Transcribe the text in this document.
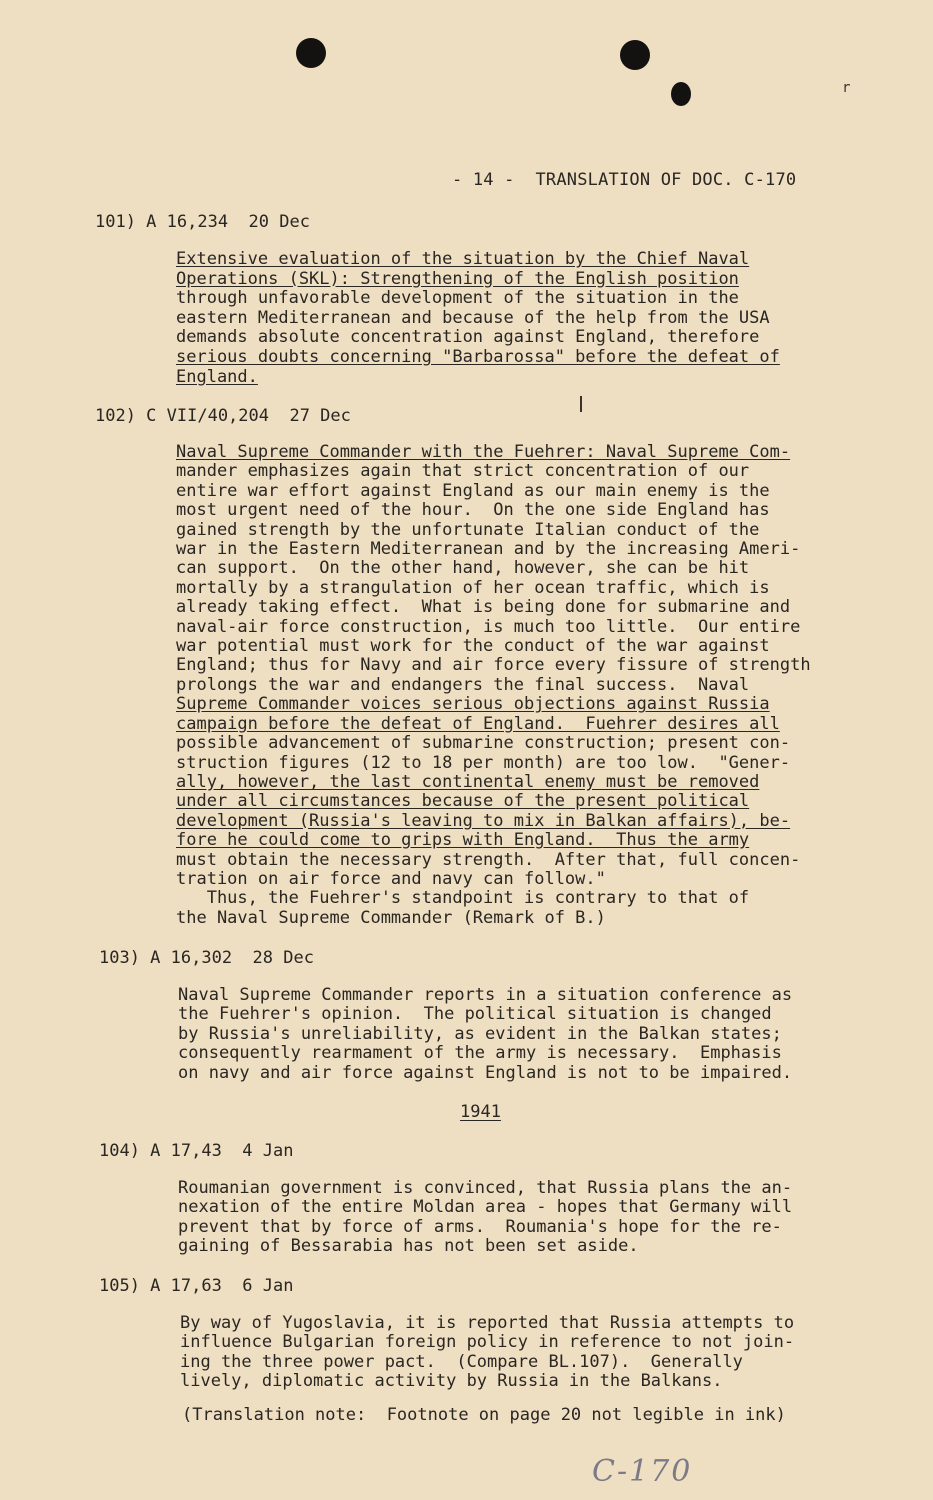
r
- 14 -  TRANSLATION OF DOC. C-170
101) A 16,234  20 Dec

Extensive evaluation of the situation by the Chief Naval

Operations (SKL): Strengthening of the English position

through unfavorable development of the situation in the

eastern Mediterranean and because of the help from the USA

demands absolute concentration against England, therefore

serious doubts concerning "Barbarossa" before the defeat of

England.

102) C VII/40,204  27 Dec

Naval Supreme Commander with the Fuehrer: Naval Supreme Com-

mander emphasizes again that strict concentration of our

entire war effort against England as our main enemy is the

most urgent need of the hour.  On the one side England has

gained strength by the unfortunate Italian conduct of the

war in the Eastern Mediterranean and by the increasing Ameri-

can support.  On the other hand, however, she can be hit

mortally by a strangulation of her ocean traffic, which is

already taking effect.  What is being done for submarine and

naval-air force construction, is much too little.  Our entire

war potential must work for the conduct of the war against

England; thus for Navy and air force every fissure of strength

prolongs the war and endangers the final success.  Naval

Supreme Commander voices serious objections against Russia

campaign before the defeat of England.  Fuehrer desires all

possible advancement of submarine construction; present con-

struction figures (12 to 18 per month) are too low.  "Gener-

ally, however, the last continental enemy must be removed

under all circumstances because of the present political

development (Russia's leaving to mix in Balkan affairs), be-

fore he could come to grips with England.  Thus the army

must obtain the necessary strength.  After that, full concen-

tration on air force and navy can follow."

Thus, the Fuehrer's standpoint is contrary to that of

the Naval Supreme Commander (Remark of B.)

103) A 16,302  28 Dec

Naval Supreme Commander reports in a situation conference as

the Fuehrer's opinion.  The political situation is changed

by Russia's unreliability, as evident in the Balkan states;

consequently rearmament of the army is necessary.  Emphasis

on navy and air force against England is not to be impaired.

1941
104) A 17,43  4 Jan

Roumanian government is convinced, that Russia plans the an-

nexation of the entire Moldan area - hopes that Germany will

prevent that by force of arms.  Roumania's hope for the re-

gaining of Bessarabia has not been set aside.

105) A 17,63  6 Jan

By way of Yugoslavia, it is reported that Russia attempts to

influence Bulgarian foreign policy in reference to not join-

ing the three power pact.  (Compare BL.107).  Generally

lively, diplomatic activity by Russia in the Balkans.

(Translation note:  Footnote on page 20 not legible in ink)

C-170
